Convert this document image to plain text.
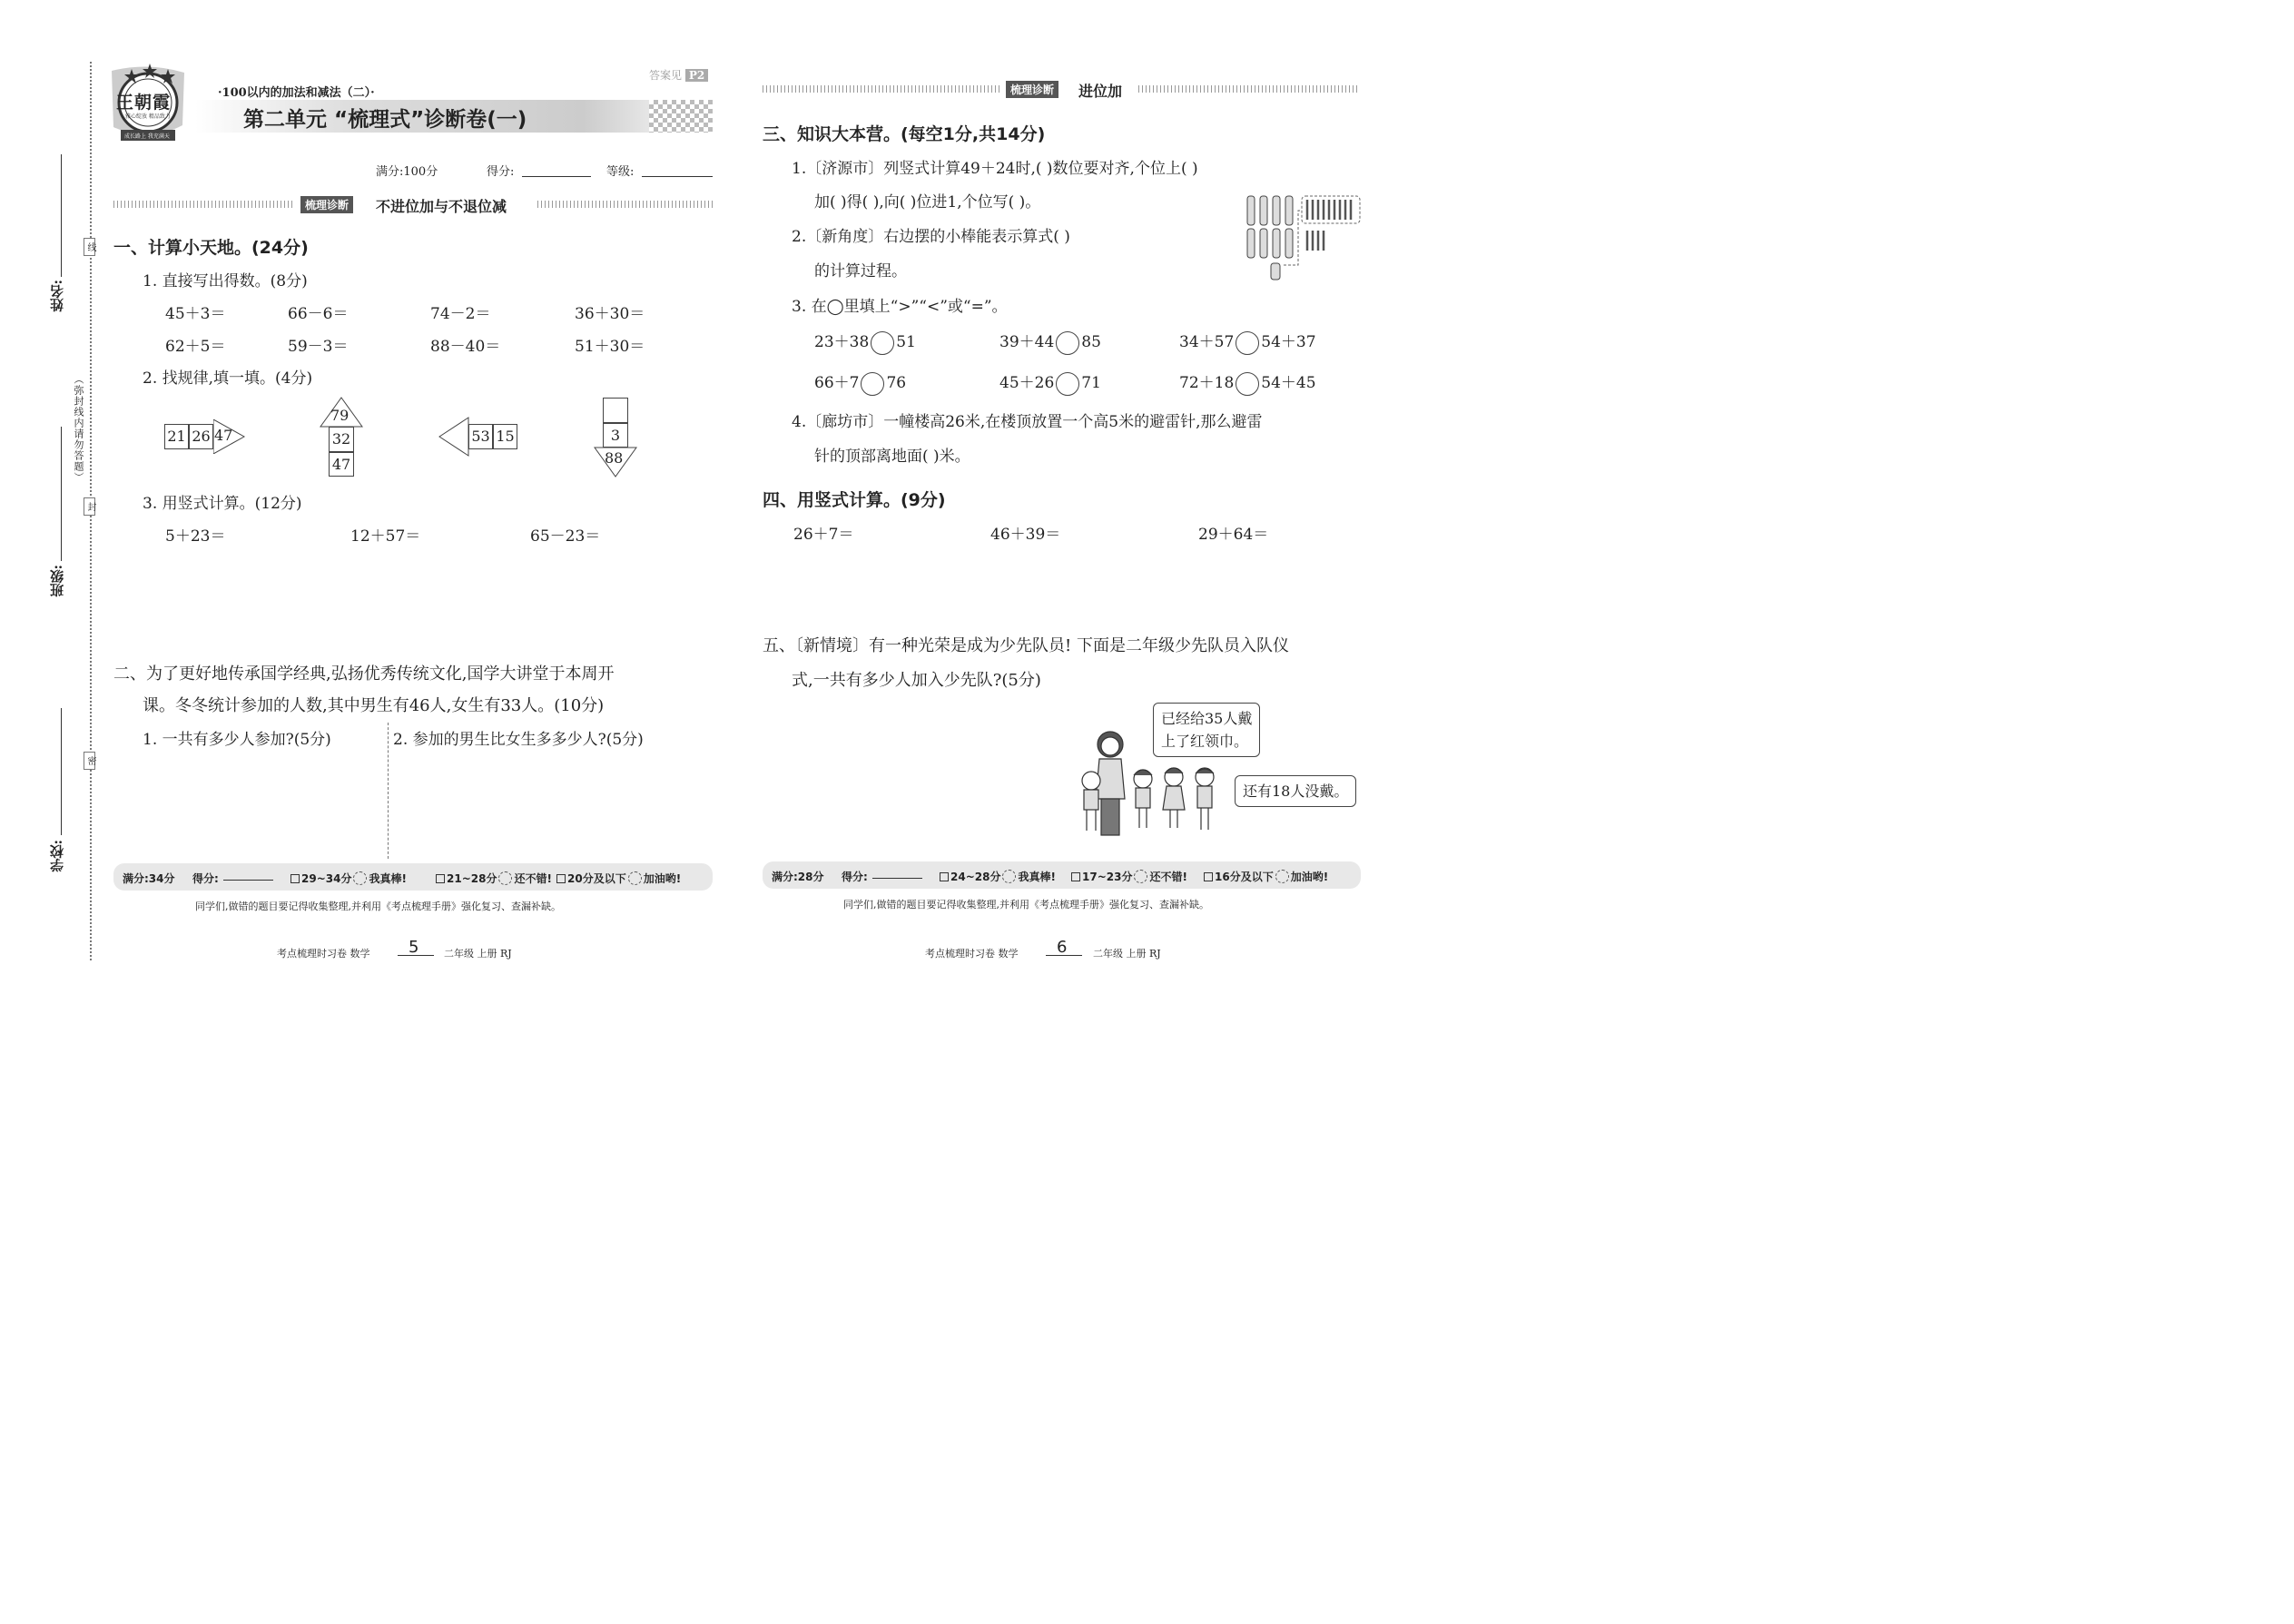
姓名:
班级:
学校:
线
封
密
（弥封线内请勿答题）
王朝霞
雅心绽放 精品致力
成长路上 我充满天
·100以内的加法和减法（二）·
答案见 P2
第二单元 “梳理式”诊断卷(一)
满分:100分	得分:	等级:
梳理诊断	不进位加与不退位减
一、计算小天地。(24分)
1. 直接写出得数。(8分)
45＋3＝	66－6＝	74－2＝	36＋30＝
62＋5＝	59－3＝	88－40＝	51＋30＝
2. 找规律,填一填。(4分)
21 26 47
79
32
47
53 15	3
88
3. 用竖式计算。(12分)
5＋23＝	12＋57＝	65－23＝
二、为了更好地传承国学经典,弘扬优秀传统文化,国学大讲堂于本周开
课。冬冬统计参加的人数,其中男生有46人,女生有33人。(10分)
1. 一共有多少人参加?(5分)	2. 参加的男生比女生多多少人?(5分)
满分:34分 得分:	29~34分 我真棒!	21~28分 还不错!	20分及以下 加油哟!
同学们,做错的题目要记得收集整理,并利用《考点梳理手册》强化复习、查漏补缺。
考点梳理时习卷 数学 5	二年级 上册 RJ
梳理诊断	进位加
三、知识大本营。(每空1分,共14分)
1.〔济源市〕列竖式计算49＋24时,( )数位要对齐,个位上( )
加( )得( ),向( )位进1,个位写( )。
2.〔新角度〕右边摆的小棒能表示算式( )
的计算过程。
3. 在◯里填上“>”“<”或“=”。
23＋38 51	39＋44 85	34＋57 54＋37
66＋7 76	45＋26 71	72＋18 54＋45
4.〔廊坊市〕一幢楼高26米,在楼顶放置一个高5米的避雷针,那么避雷
针的顶部离地面( )米。
四、用竖式计算。(9分)
26＋7＝	46＋39＝	29＋64＝
五、〔新情境〕有一种光荣是成为少先队员! 下面是二年级少先队员入队仪
式,一共有多少人加入少先队?(5分)
已经给35人戴
上了红领巾。
还有18人没戴。
满分:28分 得分:	24~28分 我真棒!	17~23分 还不错!	16分及以下 加油哟!
同学们,做错的题目要记得收集整理,并利用《考点梳理手册》强化复习、查漏补缺。
考点梳理时习卷 数学 6	二年级 上册 RJ
